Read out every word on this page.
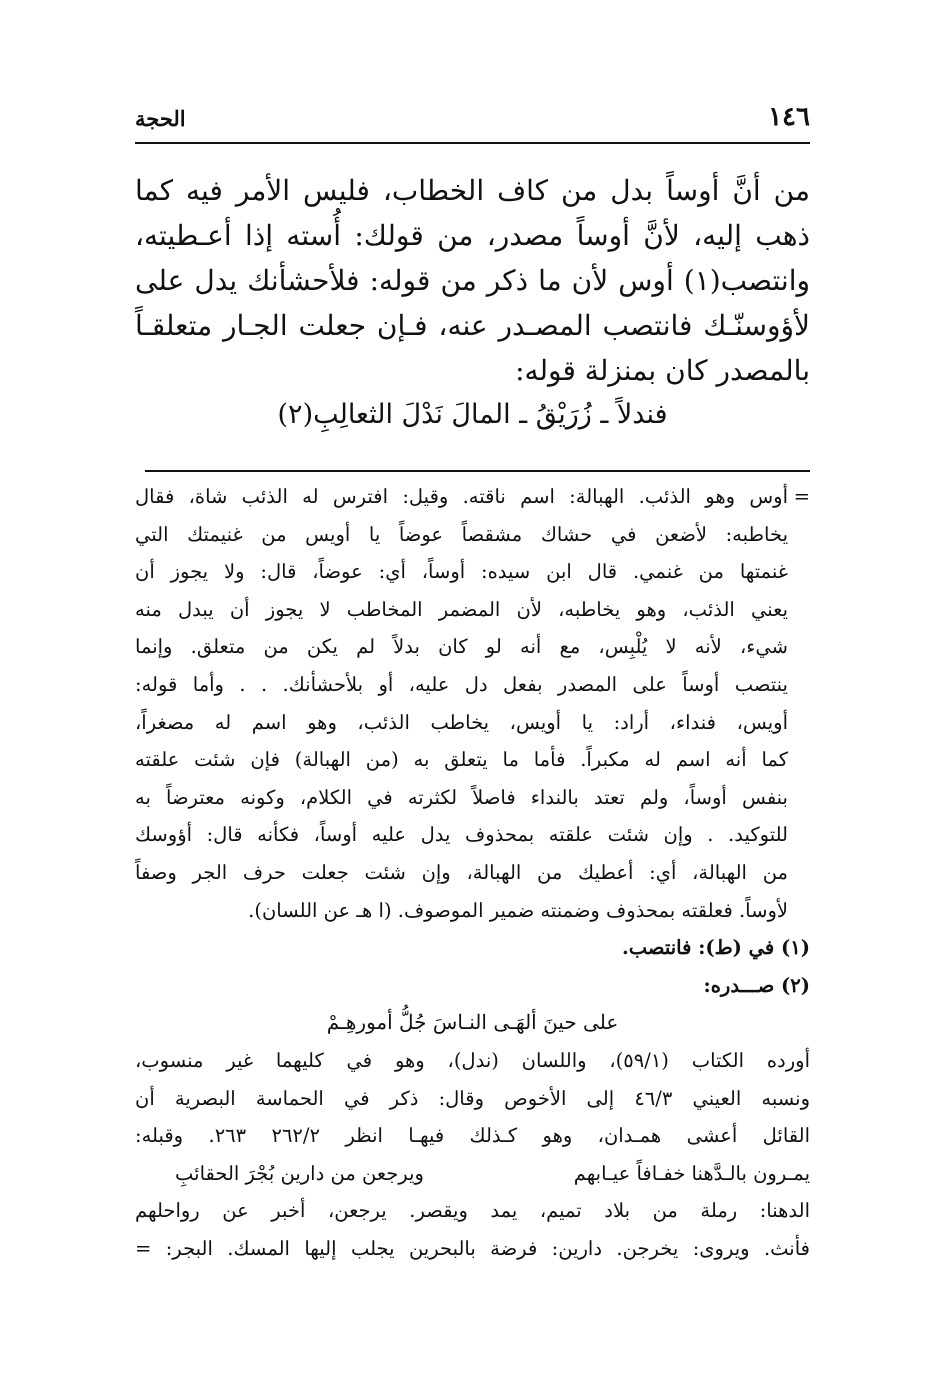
١٤٦
الحجة
من أنَّ أوساً بدل من كاف الخطاب، فليس الأمر فيه كما
ذهب إليه، لأنَّ أوساً مصدر، من قولك: أُسته إذا أعـطيته،
وانتصب(١) أوس لأن ما ذكر من قوله: فلأحشأنك يدل على
لأؤوسنّـك فانتصب المصـدر عنه، فـإن جعلت الجـار متعلقـاً
بالمصدر كان بمنزلة قوله:
فندلاً ـ زُرَيْقُ ـ المالَ نَدْلَ الثعالِبِ(٢)
=
أوس وهو الذئب. الهبالة: اسم ناقته. وقيل: افترس له الذئب شاة، فقال
يخاطبه: لأضعن في حشاك مشقصاً عوضاً يا أويس من غنيمتك التي
غنمتها من غنمي. قال ابن سيده: أوساً، أي: عوضاً، قال: ولا يجوز أن
يعني الذئب، وهو يخاطبه، لأن المضمر المخاطب لا يجوز أن يبدل منه
شيء، لأنه لا يُلْبِس، مع أنه لو كان بدلاً لم يكن من متعلق. وإنما
ينتصب أوساً على المصدر بفعل دل عليه، أو بلأحشأنك. . . وأما قوله:
أويس، فنداء، أراد: يا أويس، يخاطب الذئب، وهو اسم له مصغراً،
كما أنه اسم له مكبراً. فأما ما يتعلق به (من الهبالة) فإن شئت علقته
بنفس أوساً، ولم تعتد بالنداء فاصلاً لكثرته في الكلام، وكونه معترضاً به
للتوكيد. . وإن شئت علقته بمحذوف يدل عليه أوساً، فكأنه قال: أؤوسك
من الهبالة، أي: أعطيك من الهبالة، وإن شئت جعلت حرف الجر وصفاً
لأوساً. فعلقته بمحذوف وضمنته ضمير الموصوف. (ا هـ عن اللسان).
(١) في (ط): فانتصب.
(٢) صـــدره:
على حينَ ألهَـى النـاسَ جُلُّ أمورهِـمْ
أورده الكتاب (٥٩/١)، واللسان (ندل)، وهو في كليهما غير منسوب،
ونسبه العيني ٤٦/٣ إلى الأخوص وقال: ذكر في الحماسة البصرية أن
القائل أعشى همـدان، وهو كـذلك فيهـا انظر ٢٦٢/٢ ٢٦٣. وقبله:
يمـرون بالـدَّهنا خفـافاً عيـابهم
ويرجعن من دارين بُجْرَ الحقائبِ
الدهنا: رملة من بلاد تميم، يمد ويقصر. يرجعن، أخبر عن رواحلهم
فأنث. ويروى: يخرجن. دارين: فرضة بالبحرين يجلب إليها المسك. البجر: =
